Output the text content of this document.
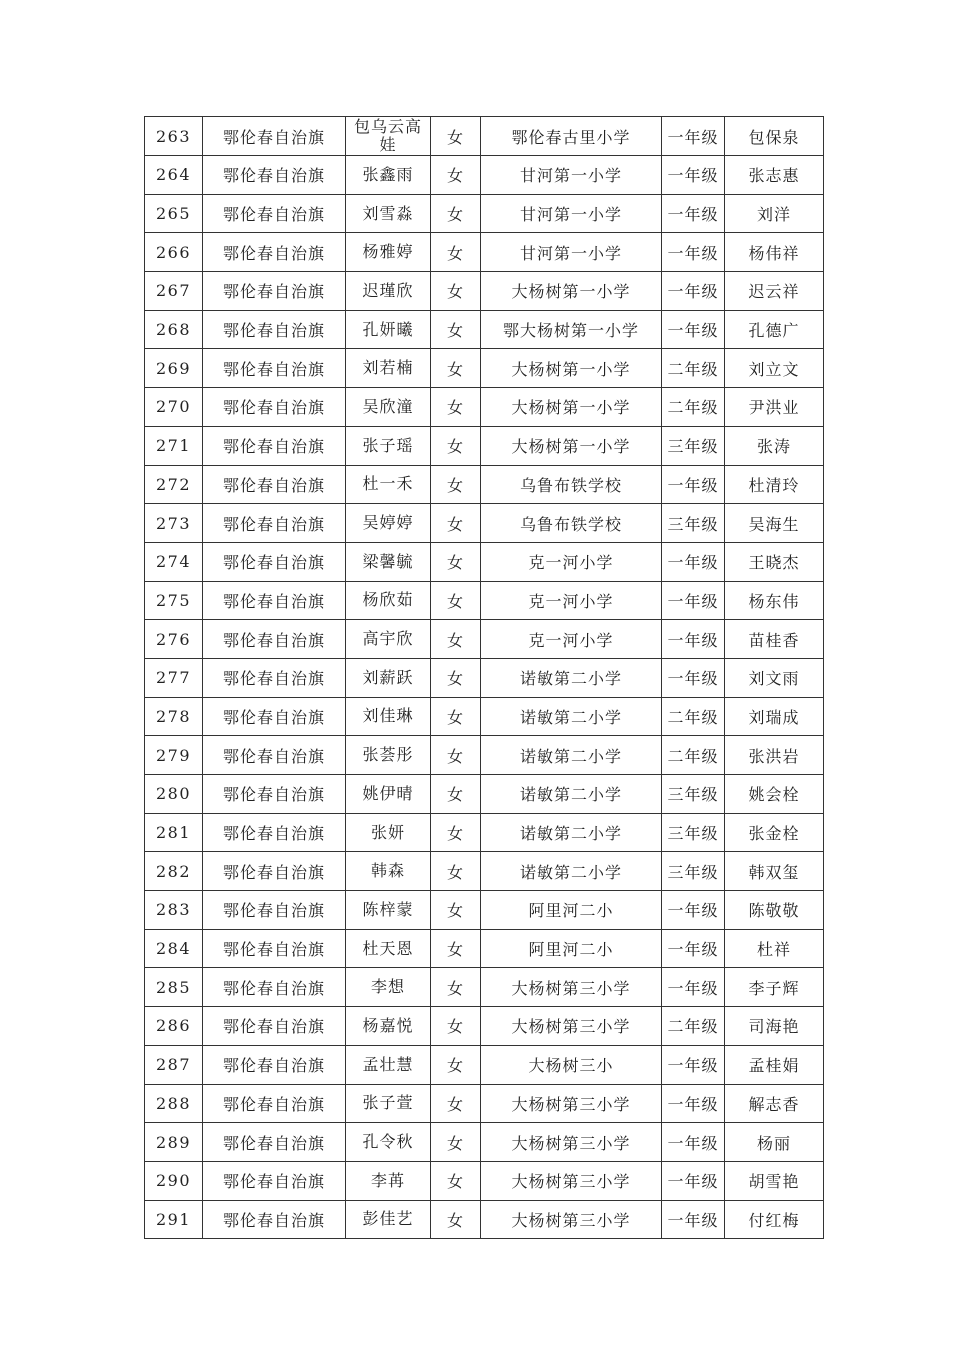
263	鄂伦春自治旗	包乌云高娃	女	鄂伦春古里小学	一年级	包保泉
264	鄂伦春自治旗	张鑫雨	女	甘河第一小学	一年级	张志惠
265	鄂伦春自治旗	刘雪淼	女	甘河第一小学	一年级	刘洋
266	鄂伦春自治旗	杨雅婷	女	甘河第一小学	一年级	杨伟祥
267	鄂伦春自治旗	迟瑾欣	女	大杨树第一小学	一年级	迟云祥
268	鄂伦春自治旗	孔妍曦	女	鄂大杨树第一小学	一年级	孔德广
269	鄂伦春自治旗	刘若楠	女	大杨树第一小学	二年级	刘立文
270	鄂伦春自治旗	吴欣潼	女	大杨树第一小学	二年级	尹洪业
271	鄂伦春自治旗	张子瑶	女	大杨树第一小学	三年级	张涛
272	鄂伦春自治旗	杜一禾	女	乌鲁布铁学校	一年级	杜清玲
273	鄂伦春自治旗	吴婷婷	女	乌鲁布铁学校	三年级	吴海生
274	鄂伦春自治旗	梁馨毓	女	克一河小学	一年级	王晓杰
275	鄂伦春自治旗	杨欣茹	女	克一河小学	一年级	杨东伟
276	鄂伦春自治旗	高宇欣	女	克一河小学	一年级	苗桂香
277	鄂伦春自治旗	刘薪跃	女	诺敏第二小学	一年级	刘文雨
278	鄂伦春自治旗	刘佳琳	女	诺敏第二小学	二年级	刘瑞成
279	鄂伦春自治旗	张荟彤	女	诺敏第二小学	二年级	张洪岩
280	鄂伦春自治旗	姚伊晴	女	诺敏第二小学	三年级	姚会栓
281	鄂伦春自治旗	张妍	女	诺敏第二小学	三年级	张金栓
282	鄂伦春自治旗	韩森	女	诺敏第二小学	三年级	韩双玺
283	鄂伦春自治旗	陈梓蒙	女	阿里河二小	一年级	陈敬敬
284	鄂伦春自治旗	杜天恩	女	阿里河二小	一年级	杜祥
285	鄂伦春自治旗	李想	女	大杨树第三小学	一年级	李子辉
286	鄂伦春自治旗	杨嘉悦	女	大杨树第三小学	二年级	司海艳
287	鄂伦春自治旗	孟壮慧	女	大杨树三小	一年级	孟桂娟
288	鄂伦春自治旗	张子萱	女	大杨树第三小学	一年级	解志香
289	鄂伦春自治旗	孔令秋	女	大杨树第三小学	一年级	杨丽
290	鄂伦春自治旗	李苒	女	大杨树第三小学	一年级	胡雪艳
291	鄂伦春自治旗	彭佳艺	女	大杨树第三小学	一年级	付红梅
